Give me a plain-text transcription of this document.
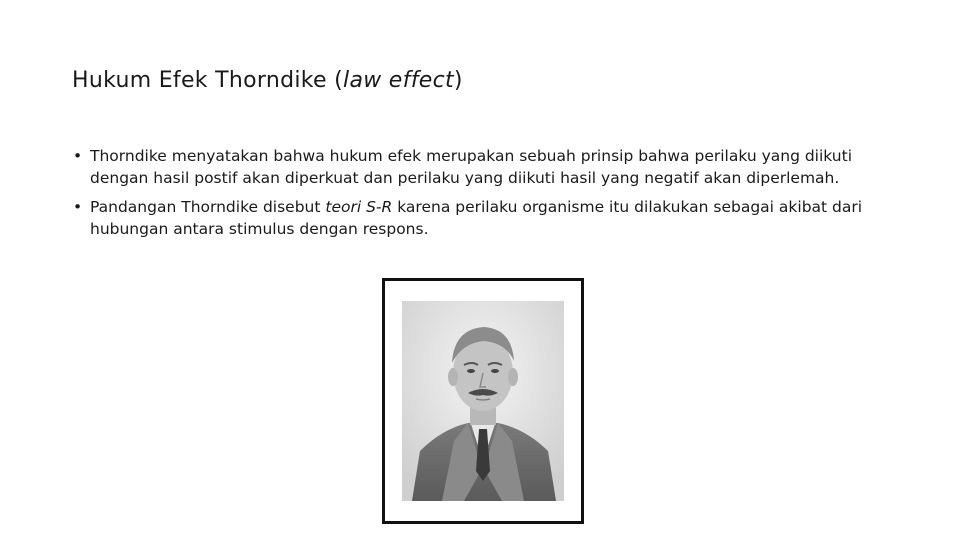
Hukum Efek Thorndike (law effect)
• Thorndike menyatakan bahwa hukum efek merupakan sebuah prinsip bahwa perilaku yang diikuti dengan hasil postif akan diperkuat dan perilaku yang diikuti hasil yang negatif akan diperlemah.
• Pandangan Thorndike disebut teori S-R karena perilaku organisme itu dilakukan sebagai akibat dari hubungan antara stimulus dengan respons.
